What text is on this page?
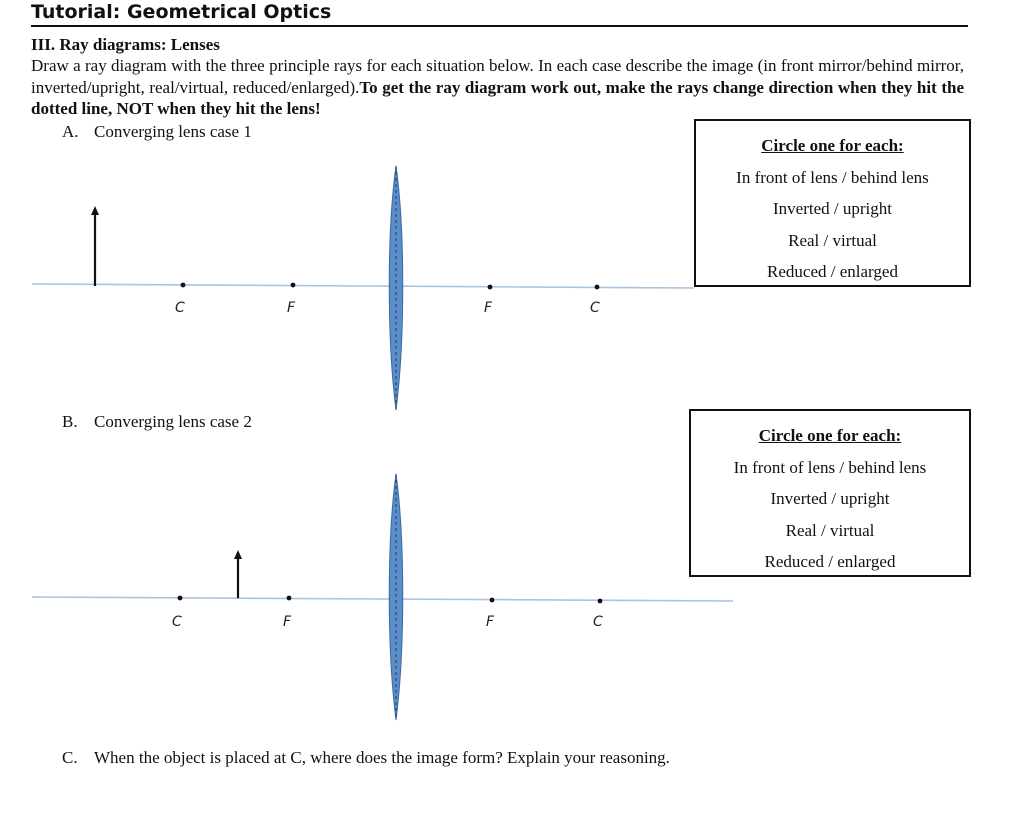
Tutorial: Geometrical Optics
III. Ray diagrams: Lenses
Draw a ray diagram with the three principle rays for each situation below. In each case describe the image (in front mirror/behind mirror, inverted/upright, real/virtual, reduced/enlarged).To get the ray diagram work out, make the rays change direction when they hit the dotted line, NOT when they hit the lens!
A. Converging lens case 1
Circle one for each:
In front of lens / behind lens
Inverted / upright
Real / virtual
Reduced / enlarged
C	F	F	C
B. Converging lens case 2
Circle one for each:
In front of lens / behind lens
Inverted / upright
Real / virtual
Reduced / enlarged
C	F	F	C
C. When the object is placed at C, where does the image form? Explain your reasoning.
